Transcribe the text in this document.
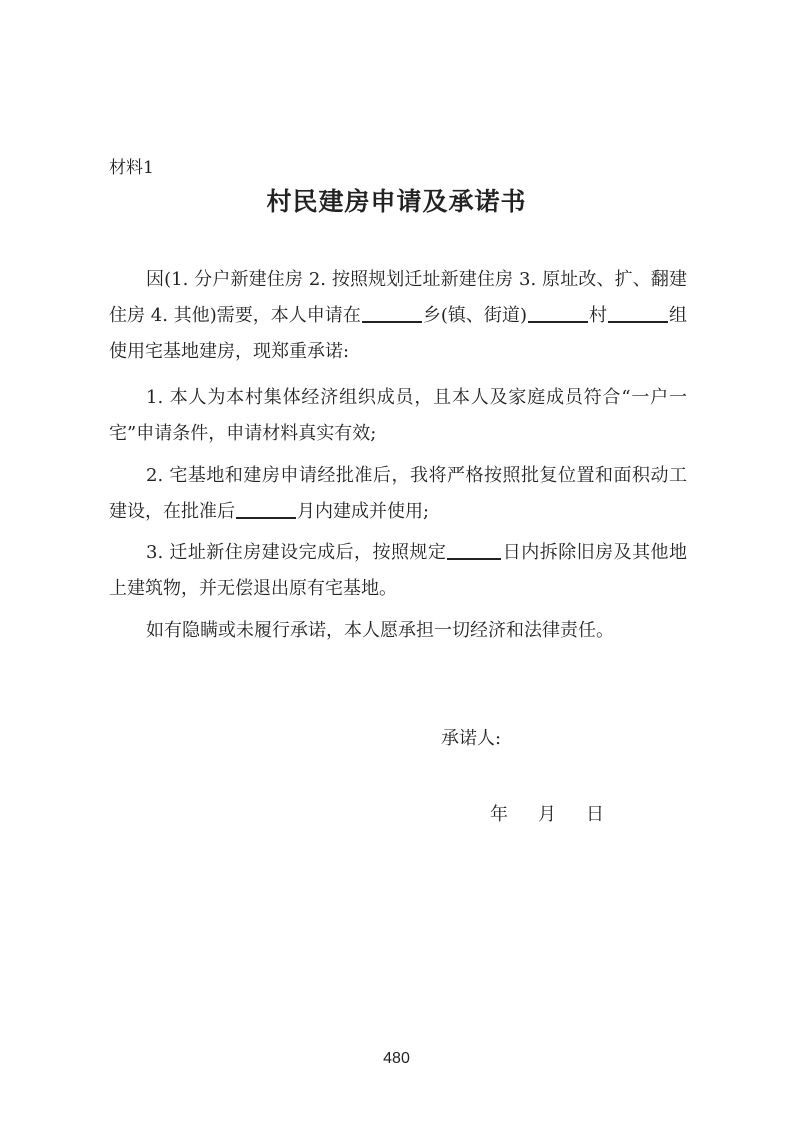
材料1
村民建房申请及承诺书
因(1. 分户新建住房 2. 按照规划迁址新建住房 3. 原址改、扩、翻建住房 4. 其他)需要，本人申请在	乡(镇、街道)	村	组使用宅基地建房，现郑重承诺:
1. 本人为本村集体经济组织成员，且本人及家庭成员符合“一户一宅”申请条件，申请材料真实有效;
2. 宅基地和建房申请经批准后，我将严格按照批复位置和面积动工建设，在批准后	月内建成并使用;
3. 迁址新住房建设完成后，按照规定	日内拆除旧房及其他地上建筑物，并无偿退出原有宅基地。
如有隐瞒或未履行承诺，本人愿承担一切经济和法律责任。
承诺人:
年 月 日
480
